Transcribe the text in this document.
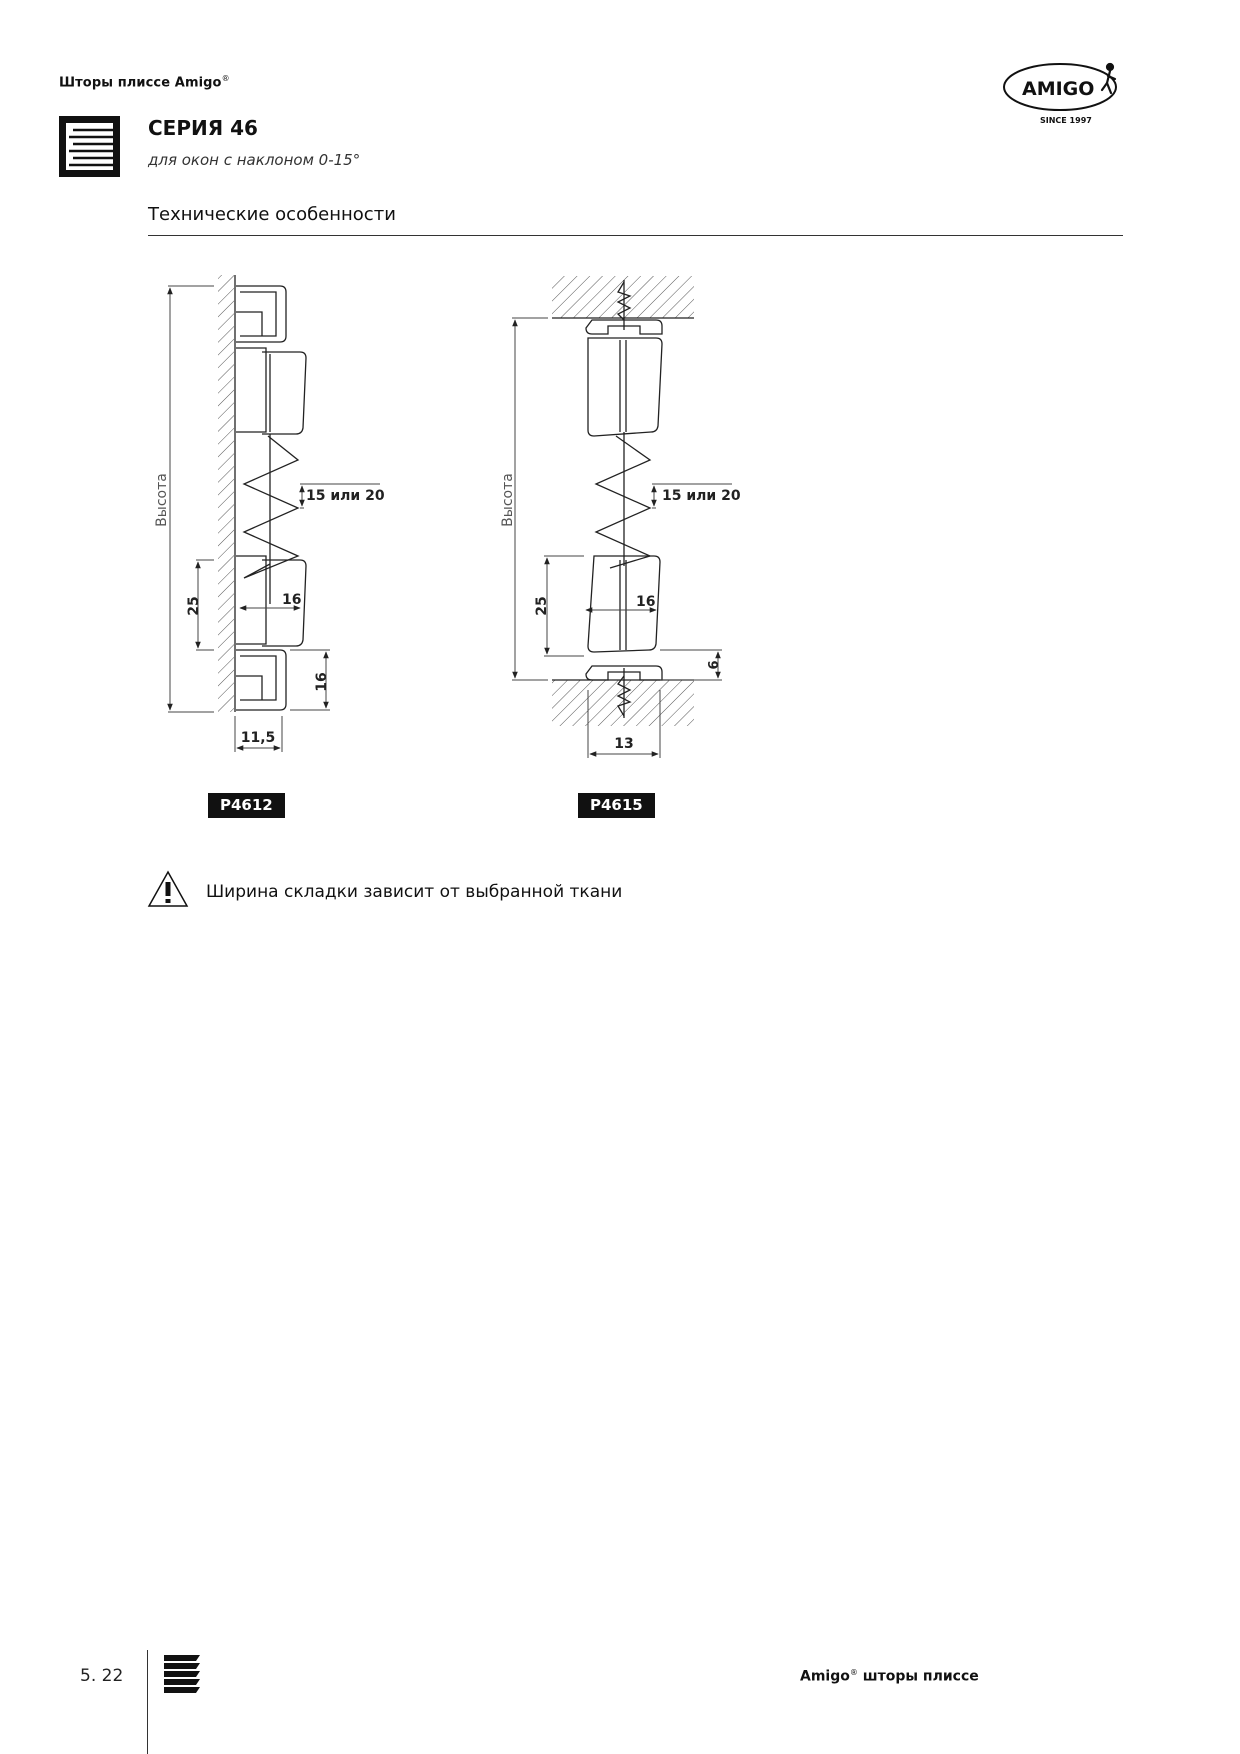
Шторы плиссе Amigo®
СЕРИЯ 46
для окон с наклоном 0-15°
AMIGO
SINCE 1997
Технические особенности
Высота	15 или 20
25	16
16
11,5
Высота	15 или 20
25	16
6
13
P4612	P4615
Ширина складки зависит от выбранной ткани
5. 22	Amigo® шторы плиссе
